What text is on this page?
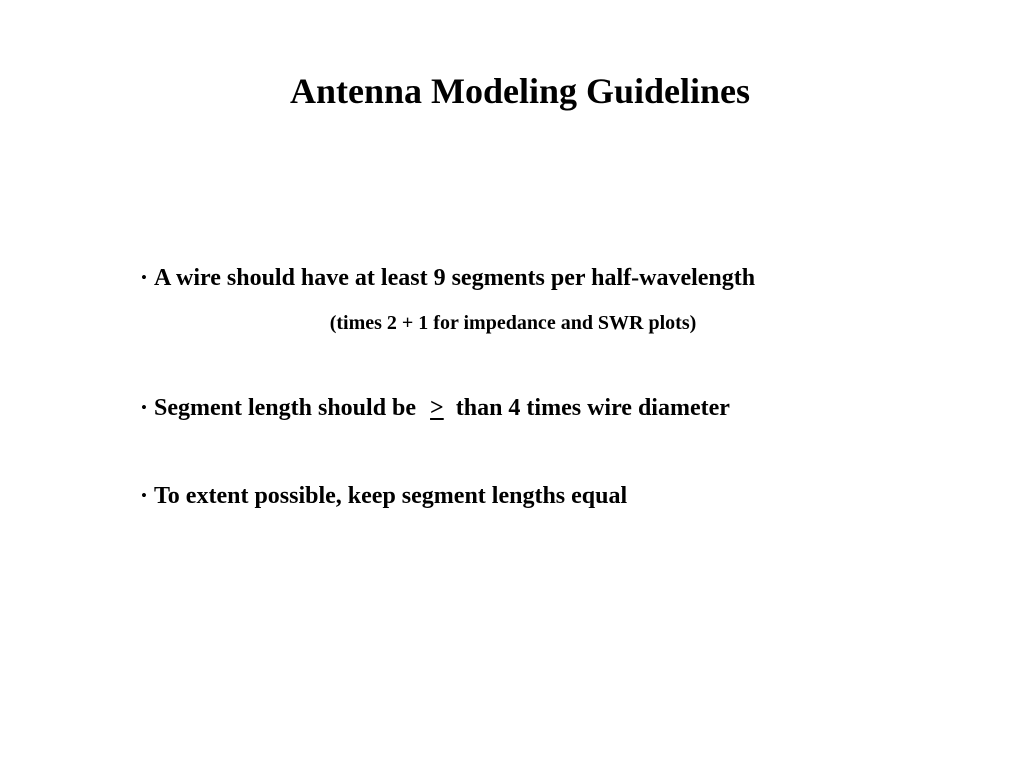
Antenna Modeling Guidelines
• A wire should have at least 9 segments per half-wavelength
(times 2 + 1 for impedance and SWR plots)
• Segment length should be > than 4 times wire diameter
• To extent possible, keep segment lengths equal
